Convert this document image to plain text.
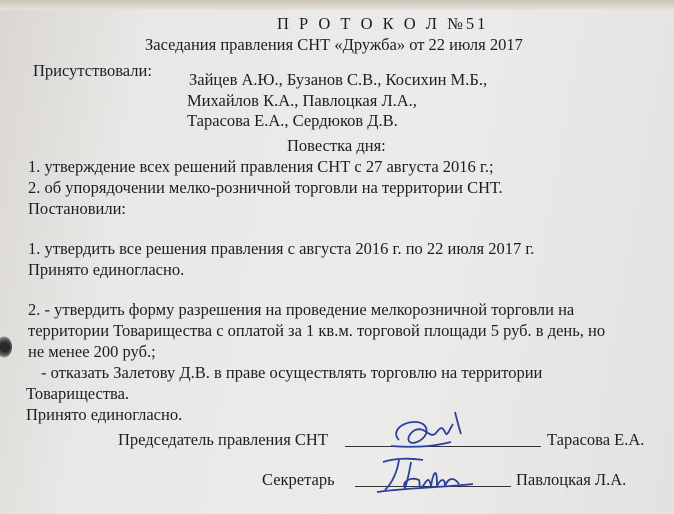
П Р О Т О К О Л №51
Заседания правления СНТ «Дружба» от 22 июля 2017
Присутствовали: Зайцев А.Ю., Бузанов С.В., Косихин М.Б.,
Михайлов К.А., Павлоцкая Л.А.,
Тарасова Е.А., Сердюков Д.В.
Повестка дня:
1. утверждение всех решений правления СНТ с 27 августа 2016 г.;
2. об упорядочении мелко-розничной торговли на территории СНТ.
Постановили:
1. утвердить все решения правления с августа 2016 г. по 22 июля 2017 г.
Принято единогласно.
2. - утвердить форму разрешения на проведение мелкорозничной торговли на
территории Товарищества с оплатой за 1 кв.м. торговой площади 5 руб. в день, но
не менее 200 руб.;
- отказать Залетову Д.В. в праве осуществлять торговлю на территории
Товарищества.
Принято единогласно.
Председатель правления СНТ	Тарасова Е.А.
Секретарь	Павлоцкая Л.А.
